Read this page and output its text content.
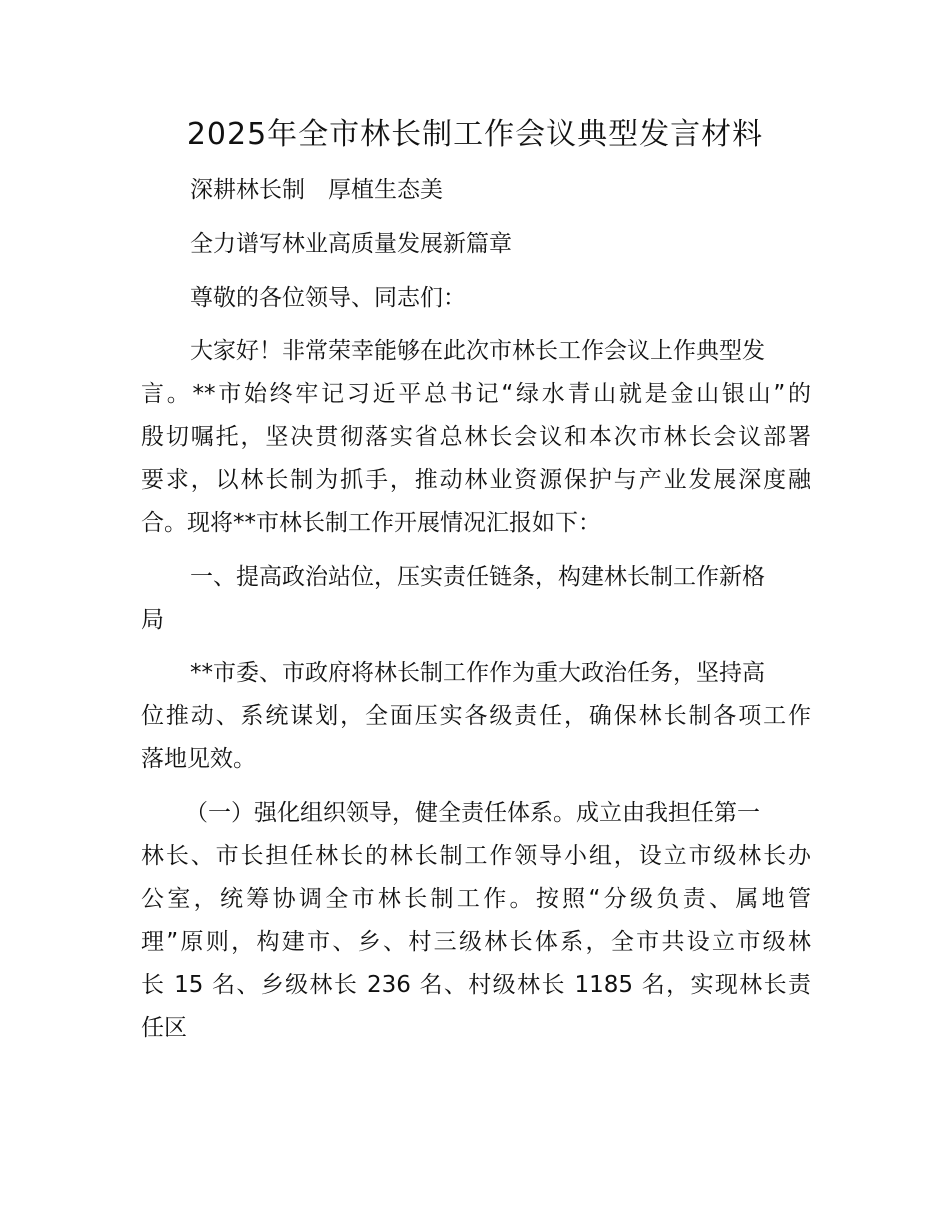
2025年全市林长制工作会议典型发言材料
深耕林长制　厚植生态美
全力谱写林业高质量发展新篇章
尊敬的各位领导、同志们：
大家好！非常荣幸能够在此次市林长工作会议上作典型发
言。**市始终牢记习近平总书记“绿水青山就是金山银山”的
殷切嘱托，坚决贯彻落实省总林长会议和本次市林长会议部署
要求，以林长制为抓手，推动林业资源保护与产业发展深度融
合。现将**市林长制工作开展情况汇报如下：
一、提高政治站位，压实责任链条，构建林长制工作新格
局
**市委、市政府将林长制工作作为重大政治任务，坚持高
位推动、系统谋划，全面压实各级责任，确保林长制各项工作
落地见效。
（一）强化组织领导，健全责任体系。成立由我担任第一
林长、市长担任林长的林长制工作领导小组，设立市级林长办
公室，统筹协调全市林长制工作。按照“分级负责、属地管
理”原则，构建市、乡、村三级林长体系，全市共设立市级林
长 15 名、乡级林长 236 名、村级林长 1185 名，实现林长责
任区
